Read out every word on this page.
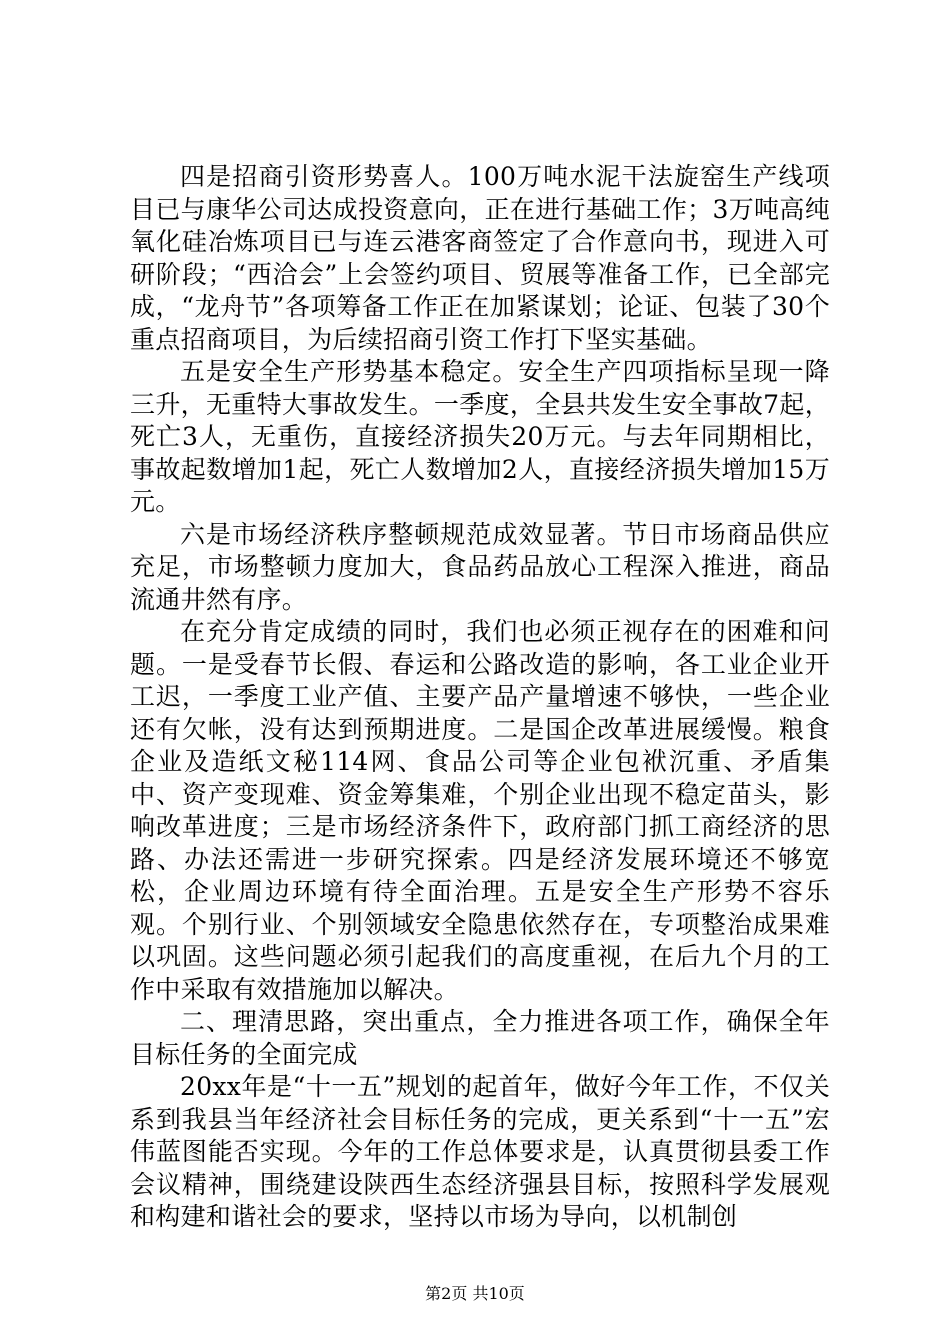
四是招商引资形势喜人。100万吨水泥干法旋窑生产线项目已与康华公司达成投资意向，正在进行基础工作；3万吨高纯氧化硅冶炼项目已与连云港客商签定了合作意向书，现进入可研阶段；“西洽会”上会签约项目、贸展等准备工作，已全部完成，“龙舟节”各项筹备工作正在加紧谋划；论证、包装了30个重点招商项目，为后续招商引资工作打下坚实基础。

五是安全生产形势基本稳定。安全生产四项指标呈现一降三升，无重特大事故发生。一季度，全县共发生安全事故7起，死亡3人，无重伤，直接经济损失20万元。与去年同期相比，事故起数增加1起，死亡人数增加2人，直接经济损失增加15万元。

六是市场经济秩序整顿规范成效显著。节日市场商品供应充足，市场整顿力度加大，食品药品放心工程深入推进，商品流通井然有序。

在充分肯定成绩的同时，我们也必须正视存在的困难和问题。一是受春节长假、春运和公路改造的影响，各工业企业开工迟，一季度工业产值、主要产品产量增速不够快，一些企业还有欠帐，没有达到预期进度。二是国企改革进展缓慢。粮食企业及造纸文秘114网、食品公司等企业包袱沉重、矛盾集中、资产变现难、资金筹集难，个别企业出现不稳定苗头，影响改革进度；三是市场经济条件下，政府部门抓工商经济的思路、办法还需进一步研究探索。四是经济发展环境还不够宽松，企业周边环境有待全面治理。五是安全生产形势不容乐观。个别行业、个别领域安全隐患依然存在，专项整治成果难以巩固。这些问题必须引起我们的高度重视，在后九个月的工作中采取有效措施加以解决。

二、理清思路，突出重点，全力推进各项工作，确保全年目标任务的全面完成

20xx年是“十一五”规划的起首年，做好今年工作，不仅关系到我县当年经济社会目标任务的完成，更关系到“十一五”宏伟蓝图能否实现。今年的工作总体要求是，认真贯彻县委工作会议精神，围绕建设陕西生态经济强县目标，按照科学发展观和构建和谐社会的要求，坚持以市场为导向，以机制创

第2页 共10页
